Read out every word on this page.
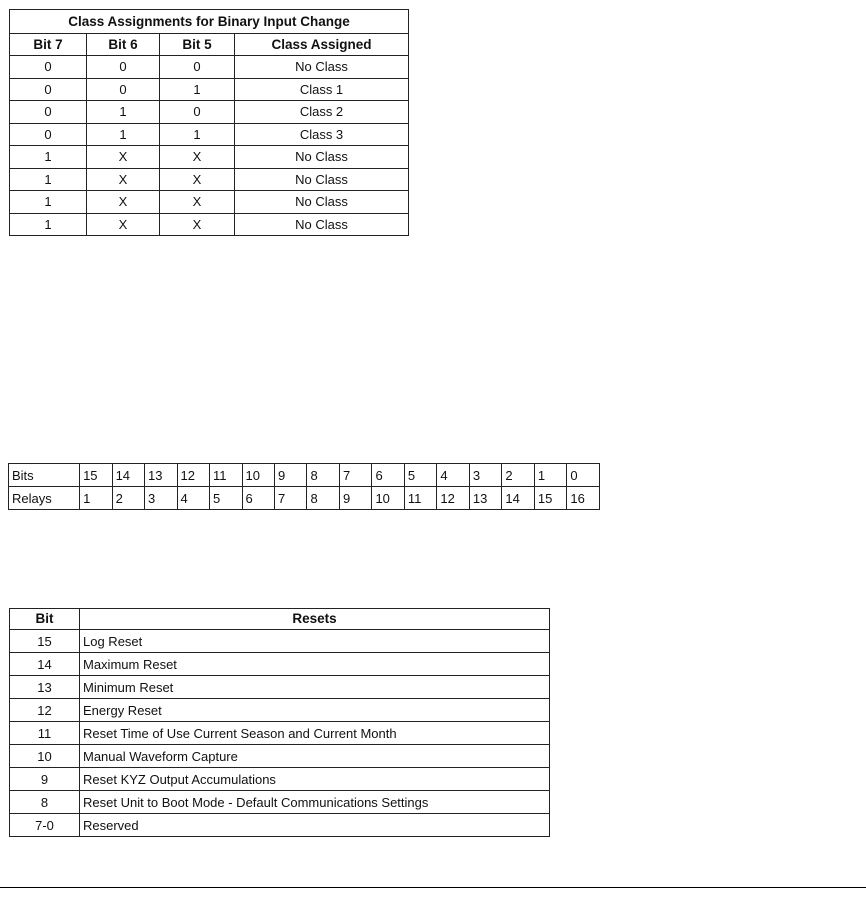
Class Assignments for Binary Input Change			
Bit 7	Bit 6	Bit 5	Class Assigned
0	0	0	No Class
0	0	1	Class 1
0	1	0	Class 2
0	1	1	Class 3
1	X	X	No Class
1	X	X	No Class
1	X	X	No Class
1	X	X	No Class
Bits	15	14	13	12	11	10	9	8	7	6	5	4	3	2	1	0
Relays	1	2	3	4	5	6	7	8	9	10	11	12	13	14	15	16
Bit	Resets
15	Log Reset
14	Maximum Reset
13	Minimum Reset
12	Energy Reset
11	Reset Time of Use Current Season and Current Month
10	Manual Waveform Capture
9	Reset KYZ Output Accumulations
8	Reset Unit to Boot Mode - Default Communications Settings
7-0	Reserved
